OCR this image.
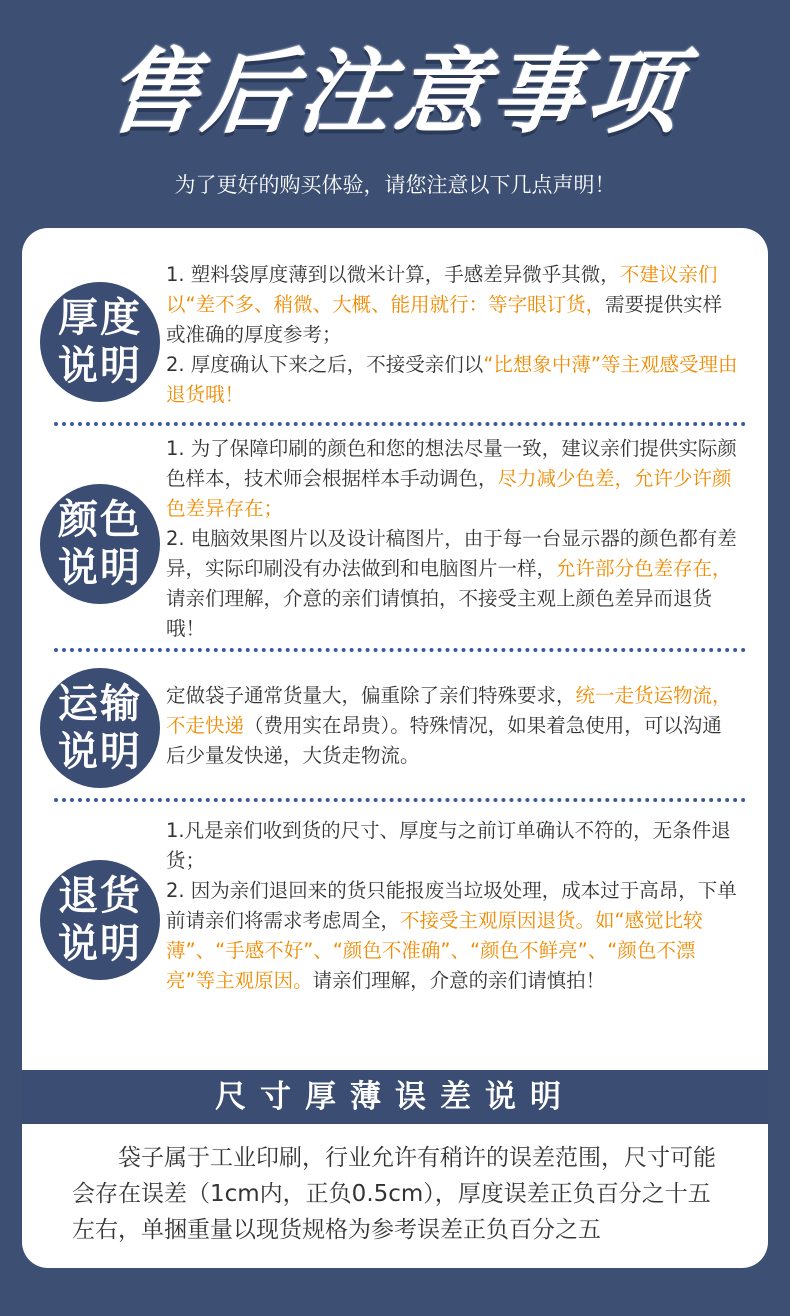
售后注意事项
为了更好的购买体验，请您注意以下几点声明！
厚度
说明
1. 塑料袋厚度薄到以微米计算，手感差异微乎其微，不建议亲们以“差不多、稍微、大概、能用就行：等字眼订货，需要提供实样或准确的厚度参考；
2. 厚度确认下来之后，不接受亲们以“比想象中薄”等主观感受理由退货哦！
颜色
说明
1. 为了保障印刷的颜色和您的想法尽量一致，建议亲们提供实际颜色样本，技术师会根据样本手动调色，尽力减少色差，允许少许颜色差异存在；
2. 电脑效果图片以及设计稿图片，由于每一台显示器的颜色都有差异，实际印刷没有办法做到和电脑图片一样，允许部分色差存在，请亲们理解，介意的亲们请慎拍，不接受主观上颜色差异而退货哦！
运输
说明
定做袋子通常货量大，偏重除了亲们特殊要求，统一走货运物流，不走快递（费用实在昂贵）。特殊情况，如果着急使用，可以沟通后少量发快递，大货走物流。
退货
说明
1.凡是亲们收到货的尺寸、厚度与之前订单确认不符的，无条件退货；
2. 因为亲们退回来的货只能报废当垃圾处理，成本过于高昂，下单前请亲们将需求考虑周全，不接受主观原因退货。如“感觉比较薄”、“手感不好”、“颜色不准确”、“颜色不鲜亮”、“颜色不漂亮”等主观原因。请亲们理解，介意的亲们请慎拍！
尺寸厚薄误差说明
袋子属于工业印刷，行业允许有稍许的误差范围，尺寸可能会存在误差（1cm内，正负0.5cm），厚度误差正负百分之十五左右，单捆重量以现货规格为参考误差正负百分之五
